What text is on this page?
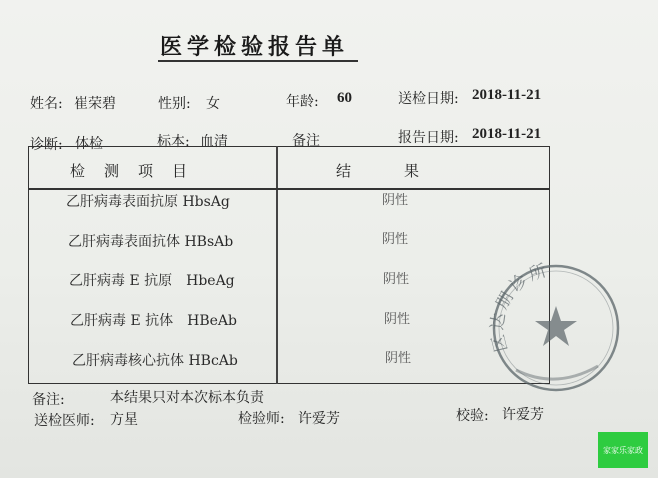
医学检验报告单
姓名: 崔荣碧	性别: 女	年龄: 60	送检日期: 2018-11-21
诊断: 体检	标本: 血清	备注	报告日期: 2018-11-21
检　测　项　目	结　　　果
乙肝病毒表面抗原 HbsAg	阴性
乙肝病毒表面抗体 HBsAb	阴性
乙肝病毒 E 抗原　HbeAg	阴性
乙肝病毒 E 抗体　HBeAb	阴性
乙肝病毒核心抗体 HBcAb	阴性
备注:	本结果只对本次标本负责
送检医师: 方星	检验师: 许爱芳	校验: 许爱芳
区达朋诊所
家家乐家政
